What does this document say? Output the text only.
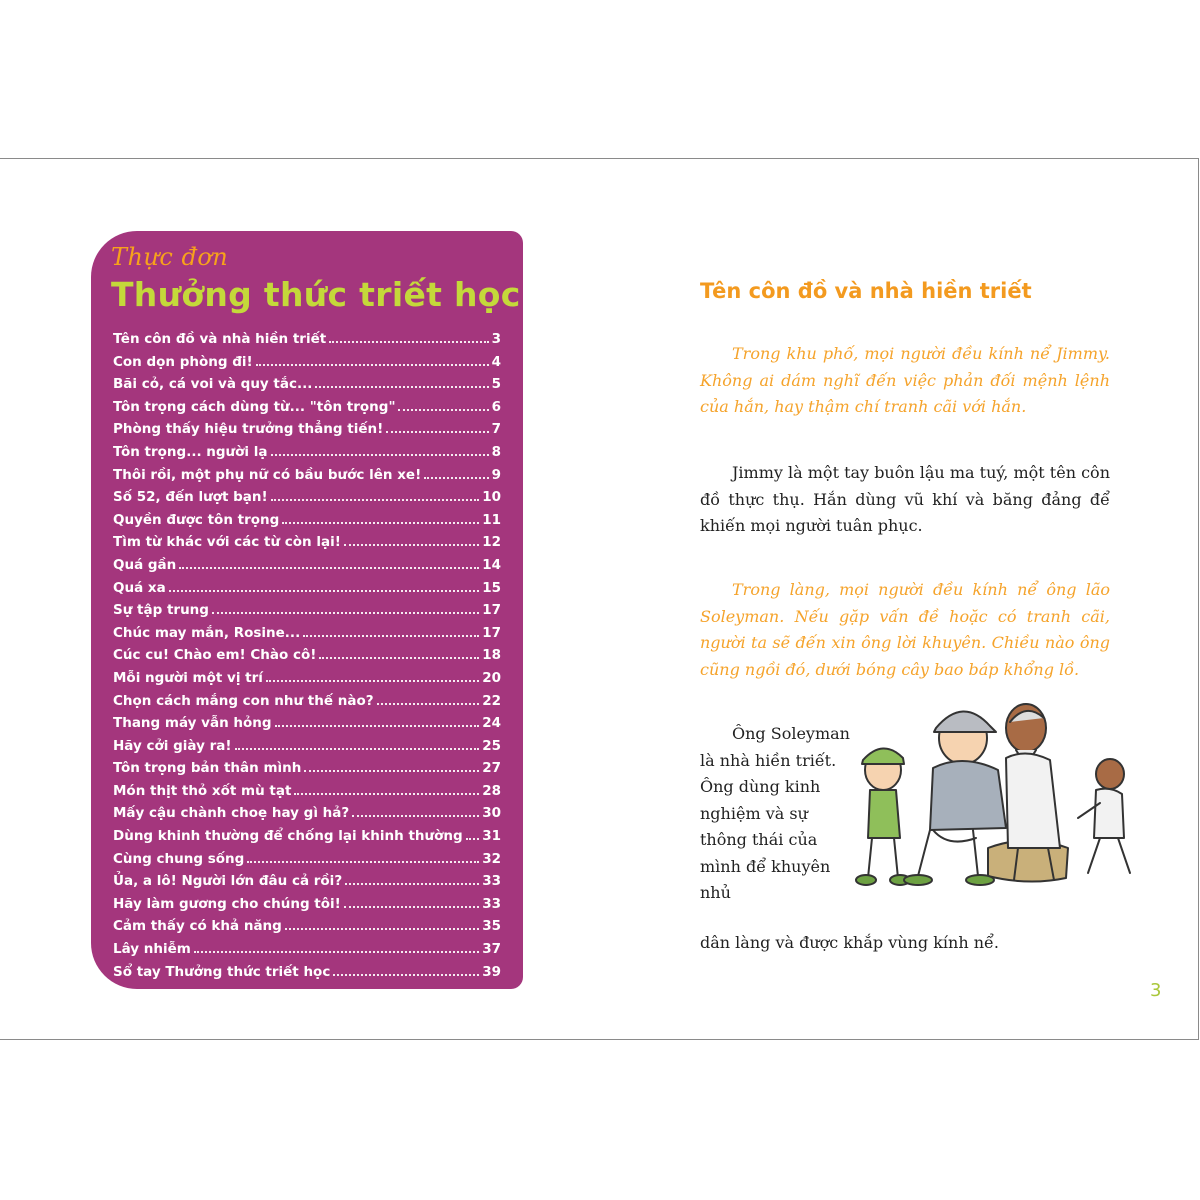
Thực đơn
Thưởng thức triết học
Tên côn đồ và nhà hiền triết	3
Con dọn phòng đi!	4
Bãi cỏ, cá voi và quy tắc...	5
Tôn trọng cách dùng từ... "tôn trọng"	6
Phòng thấy hiệu trưởng thẳng tiến!	7
Tôn trọng... người lạ	8
Thôi rồi, một phụ nữ có bầu bước lên xe!	9
Số 52, đến lượt bạn!	10
Quyền được tôn trọng	11
Tìm từ khác với các từ còn lại!	12
Quá gần	14
Quá xa	15
Sự tập trung	17
Chúc may mắn, Rosine...	17
Cúc cu! Chào em! Chào cô!	18
Mỗi người một vị trí	20
Chọn cách mắng con như thế nào?	22
Thang máy vẫn hỏng	24
Hãy cởi giày ra!	25
Tôn trọng bản thân mình	27
Món thịt thỏ xốt mù tạt	28
Mấy cậu chành choẹ hay gì hả?	30
Dùng khinh thường để chống lại khinh thường 31
Cùng chung sống	32
Ủa, a lô! Người lớn đâu cả rồi?	33
Hãy làm gương cho chúng tôi!	33
Cảm thấy có khả năng	35
Lây nhiễm	37
Sổ tay Thưởng thức triết học	39
Tên côn đồ và nhà hiền triết

Trong khu phố, mọi người đều kính nể Jimmy. Không ai dám nghĩ đến việc phản đối mệnh lệnh của hắn, hay thậm chí tranh cãi với hắn.

Jimmy là một tay buôn lậu ma tuý, một tên côn đồ thực thụ. Hắn dùng vũ khí và băng đảng để khiến mọi người tuân phục.

Trong làng, mọi người đều kính nể ông lão Soleyman. Nếu gặp vấn đề hoặc có tranh cãi, người ta sẽ đến xin ông lời khuyên. Chiều nào ông cũng ngồi đó, dưới bóng cây bao báp khổng lồ.

Ông Soleyman là nhà hiền triết. Ông dùng kinh nghiệm và sự thông thái của mình để khuyên nhủ

dân làng và được khắp vùng kính nể.

3
